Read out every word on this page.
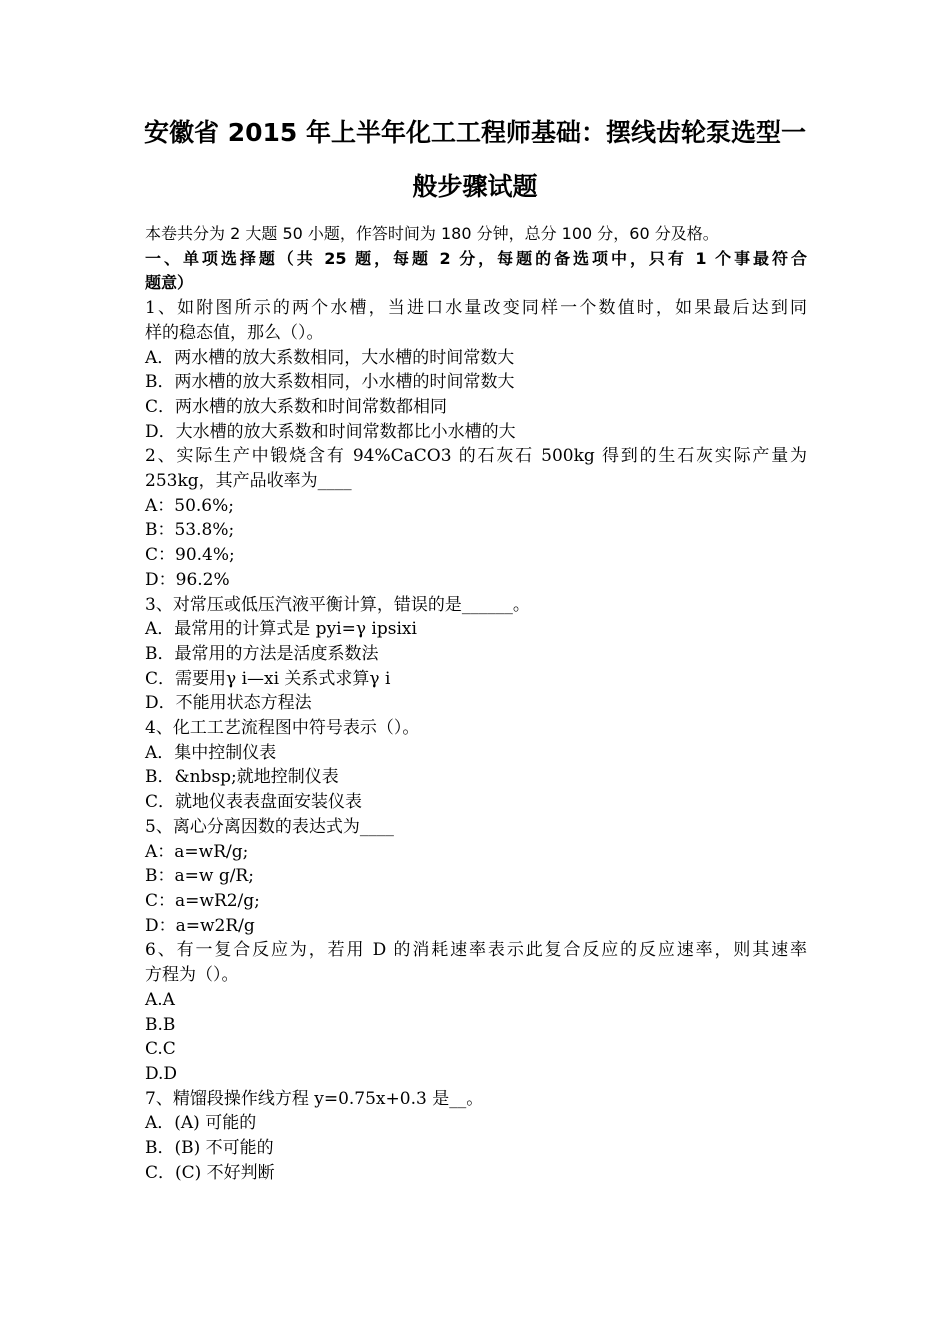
安徽省 2015 年上半年化工工程师基础：摆线齿轮泵选型一
般步骤试题

本卷共分为 2 大题 50 小题，作答时间为 180 分钟，总分 100 分，60 分及格。

一、单项选择题（共 25 题，每题 2 分，每题的备选项中，只有 1 个事最符合

题意）

1、如附图所示的两个水槽，当进口水量改变同样一个数值时，如果最后达到同

样的稳态值，那么（）。

A．两水槽的放大系数相同，大水槽的时间常数大

B．两水槽的放大系数相同，小水槽的时间常数大

C．两水槽的放大系数和时间常数都相同

D．大水槽的放大系数和时间常数都比小水槽的大

2、实际生产中锻烧含有 94%CaCO3 的石灰石 500kg 得到的生石灰实际产量为

253kg，其产品收率为____

A：50.6%;

B：53.8%;

C：90.4%;

D：96.2%

3、对常压或低压汽液平衡计算，错误的是______。

A．最常用的计算式是 pyi=γ ipsixi

B．最常用的方法是活度系数法

C．需要用γ i—xi 关系式求算γ i

D．不能用状态方程法

4、化工工艺流程图中符号表示（）。

A．集中控制仪表

B．&nbsp;就地控制仪表

C．就地仪表表盘面安装仪表

5、离心分离因数的表达式为____

A：a=wR/g;

B：a=w g/R;

C：a=wR2/g;

D：a=w2R/g

6、有一复合反应为，若用 D 的消耗速率表示此复合反应的反应速率，则其速率

方程为（）。

A.A

B.B

C.C

D.D

7、精馏段操作线方程 y=0.75x+0.3 是__。

A．(A) 可能的

B．(B) 不可能的

C．(C) 不好判断
